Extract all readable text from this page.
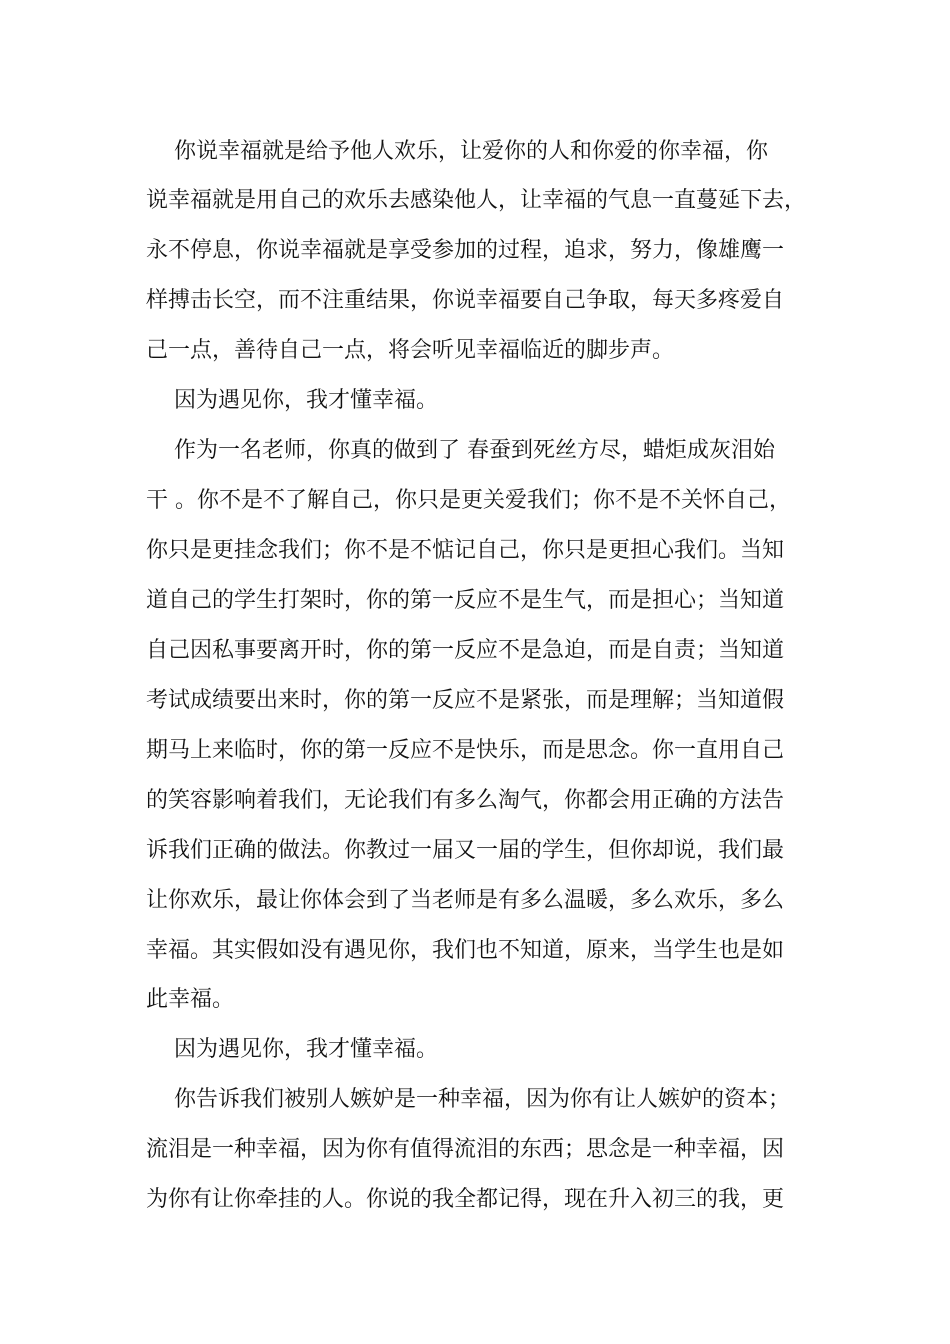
你说幸福就是给予他人欢乐，让爱你的人和你爱的你幸福，你
说幸福就是用自己的欢乐去感染他人，让幸福的气息一直蔓延下去，
永不停息，你说幸福就是享受参加的过程，追求，努力，像雄鹰一
样搏击长空，而不注重结果，你说幸福要自己争取，每天多疼爱自
己一点，善待自己一点，将会听见幸福临近的脚步声。
因为遇见你，我才懂幸福。
作为一名老师，你真的做到了 春蚕到死丝方尽，蜡炬成灰泪始
干 。你不是不了解自己，你只是更关爱我们；你不是不关怀自己，
你只是更挂念我们；你不是不惦记自己，你只是更担心我们。当知
道自己的学生打架时，你的第一反应不是生气，而是担心；当知道
自己因私事要离开时，你的第一反应不是急迫，而是自责；当知道
考试成绩要出来时，你的第一反应不是紧张，而是理解；当知道假
期马上来临时，你的第一反应不是快乐，而是思念。你一直用自己
的笑容影响着我们，无论我们有多么淘气，你都会用正确的方法告
诉我们正确的做法。你教过一届又一届的学生，但你却说，我们最
让你欢乐，最让你体会到了当老师是有多么温暖，多么欢乐，多么
幸福。其实假如没有遇见你，我们也不知道，原来，当学生也是如
此幸福。
因为遇见你，我才懂幸福。
你告诉我们被别人嫉妒是一种幸福，因为你有让人嫉妒的资本；
流泪是一种幸福，因为你有值得流泪的东西；思念是一种幸福，因
为你有让你牵挂的人。你说的我全都记得，现在升入初三的我，更
